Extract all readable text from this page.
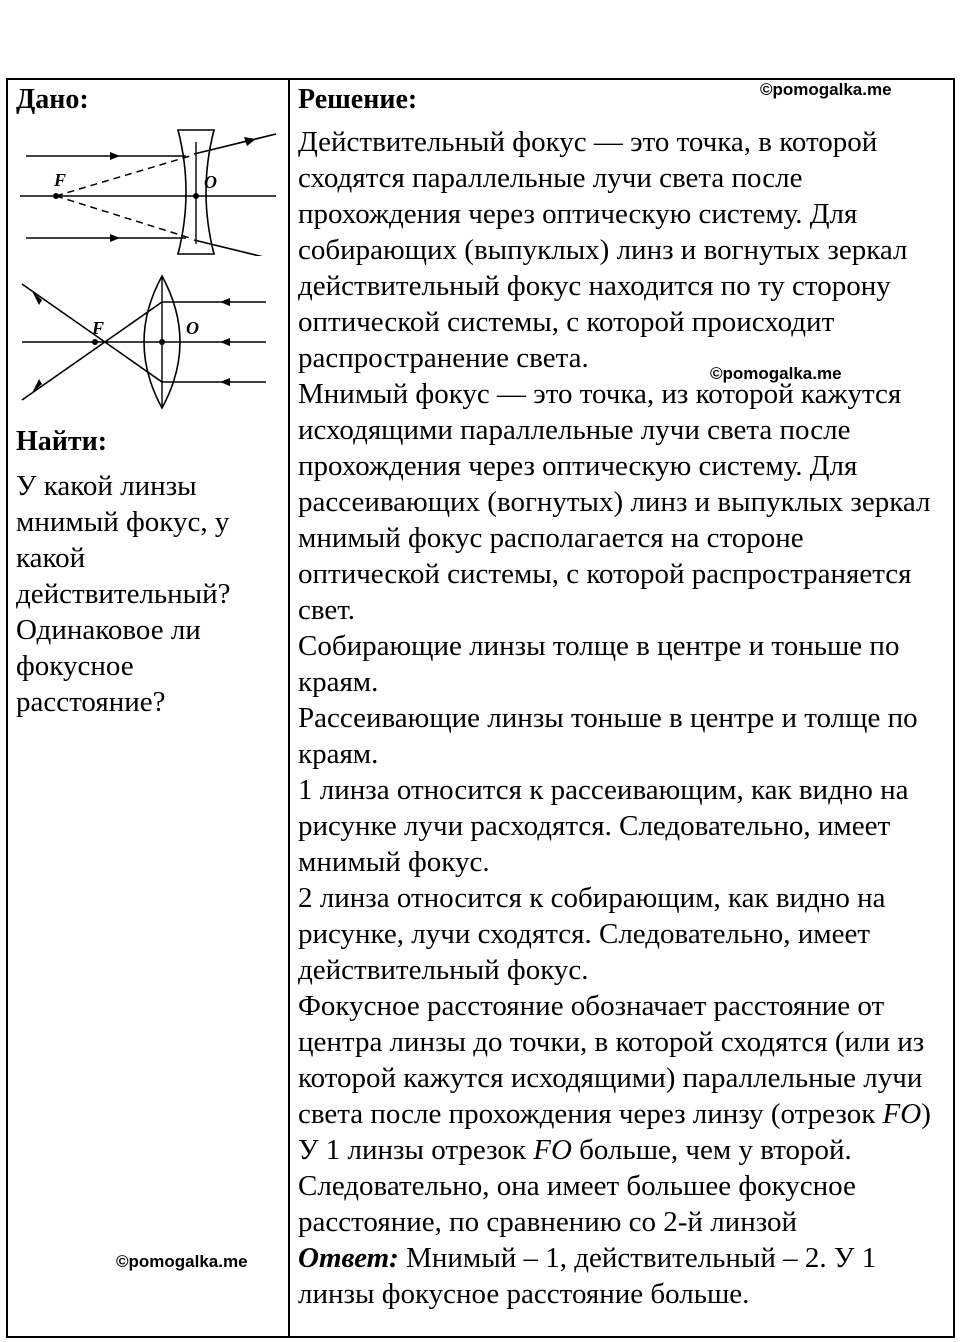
Дано:
F	O
F	O
Найти:
У какой линзы мнимый фокус, у какой действительный? Одинаковое ли фокусное расстояние?
©pomogalka.me
Решение:	©pomogalka.me
©pomogalka.me

Действительный фокус — это точка, в которой сходятся параллельные лучи света после прохождения через оптическую систему. Для собирающих (выпуклых) линз и вогнутых зеркал действительный фокус находится по ту сторону оптической системы, с которой происходит распространение света.

Мнимый фокус — это точка, из которой кажутся исходящими параллельные лучи света после прохождения через оптическую систему. Для рассеивающих (вогнутых) линз и выпуклых зеркал мнимый фокус располагается на стороне оптической системы, с которой распространяется свет.

Собирающие линзы толще в центре и тоньше по краям.

Рассеивающие линзы тоньше в центре и толще по краям.

1 линза относится к рассеивающим, как видно на рисунке лучи расходятся. Следовательно, имеет мнимый фокус.

2 линза относится к собирающим, как видно на рисунке, лучи сходятся. Следовательно, имеет действительный фокус.

Фокусное расстояние обозначает расстояние от центра линзы до точки, в которой сходятся (или из которой кажутся исходящими) параллельные лучи света после прохождения через линзу (отрезок FO)

У 1 линзы отрезок FO больше, чем у второй. Следовательно, она имеет большее фокусное расстояние, по сравнению со 2-й линзой

Ответ: Мнимый – 1, действительный – 2. У 1 линзы фокусное расстояние больше.
